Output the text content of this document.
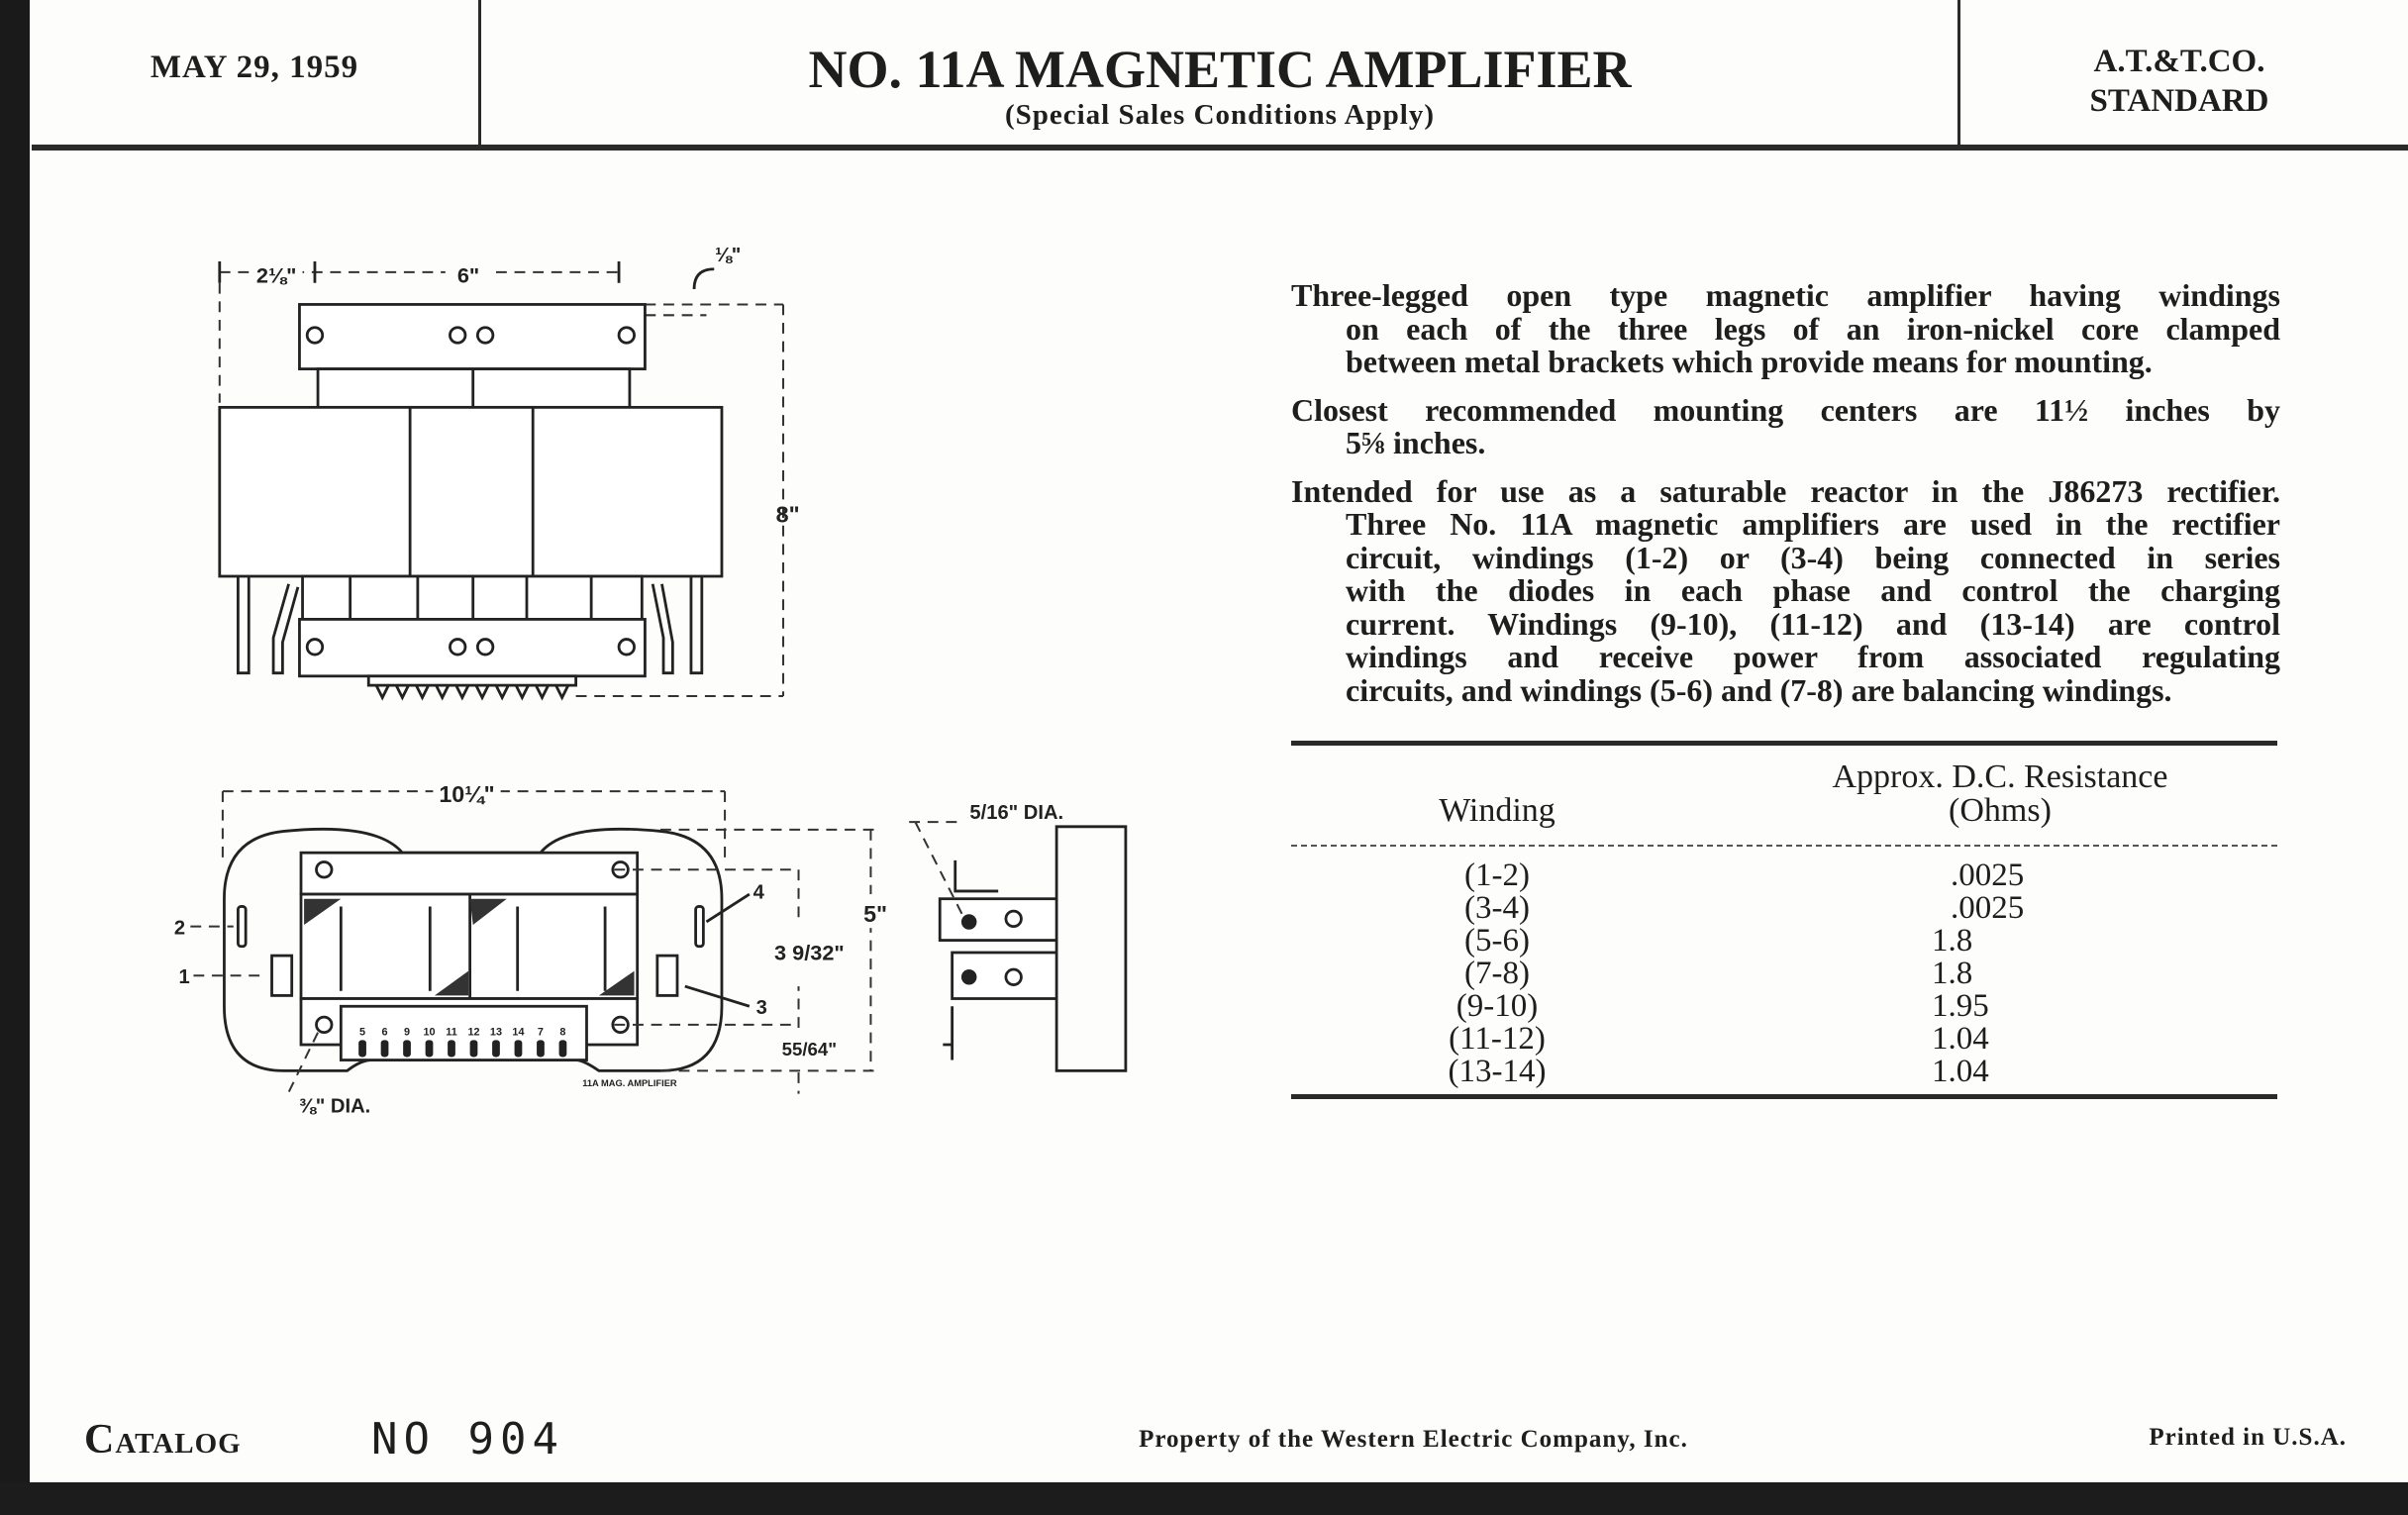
MAY 29, 1959	NO. 11A MAGNETIC AMPLIFIER
(Special Sales Conditions Apply)
A.T.&T.CO.
STANDARD
Three-legged open type magnetic amplifier having windings
on each of the three legs of an iron-nickel core clamped
between metal brackets which provide means for mounting.
Closest recommended mounting centers are 11½ inches by
5⅝ inches.
Intended for use as a saturable reactor in the J86273 rectifier.
Three No. 11A magnetic amplifiers are used in the rectifier
circuit, windings (1-2) or (3-4) being connected in series
with the diodes in each phase and control the charging
current. Windings (9-10), (11-12) and (13-14) are control
windings and receive power from associated regulating
circuits, and windings (5-6) and (7-8) are balancing windings.
Winding
Approx. D.C. Resistance
(Ohms)
(1-2)	.0025
(3-4)	.0025
(5-6)	1.8
(7-8)	1.8
(9-10)	1.95
(11-12)	1.04
(13-14)	1.04
2⅛"	6"
⅛"
8"
10¼"
5 6 9 10 11 12 13 14 7 8
2
1
4
3
3 9/32"
5"
55/64"
⅜" DIA.
11A MAG. AMPLIFIER
5/16" DIA.
Catalog	NO 904	Property of the Western Electric Company, Inc.	Printed in U.S.A.
